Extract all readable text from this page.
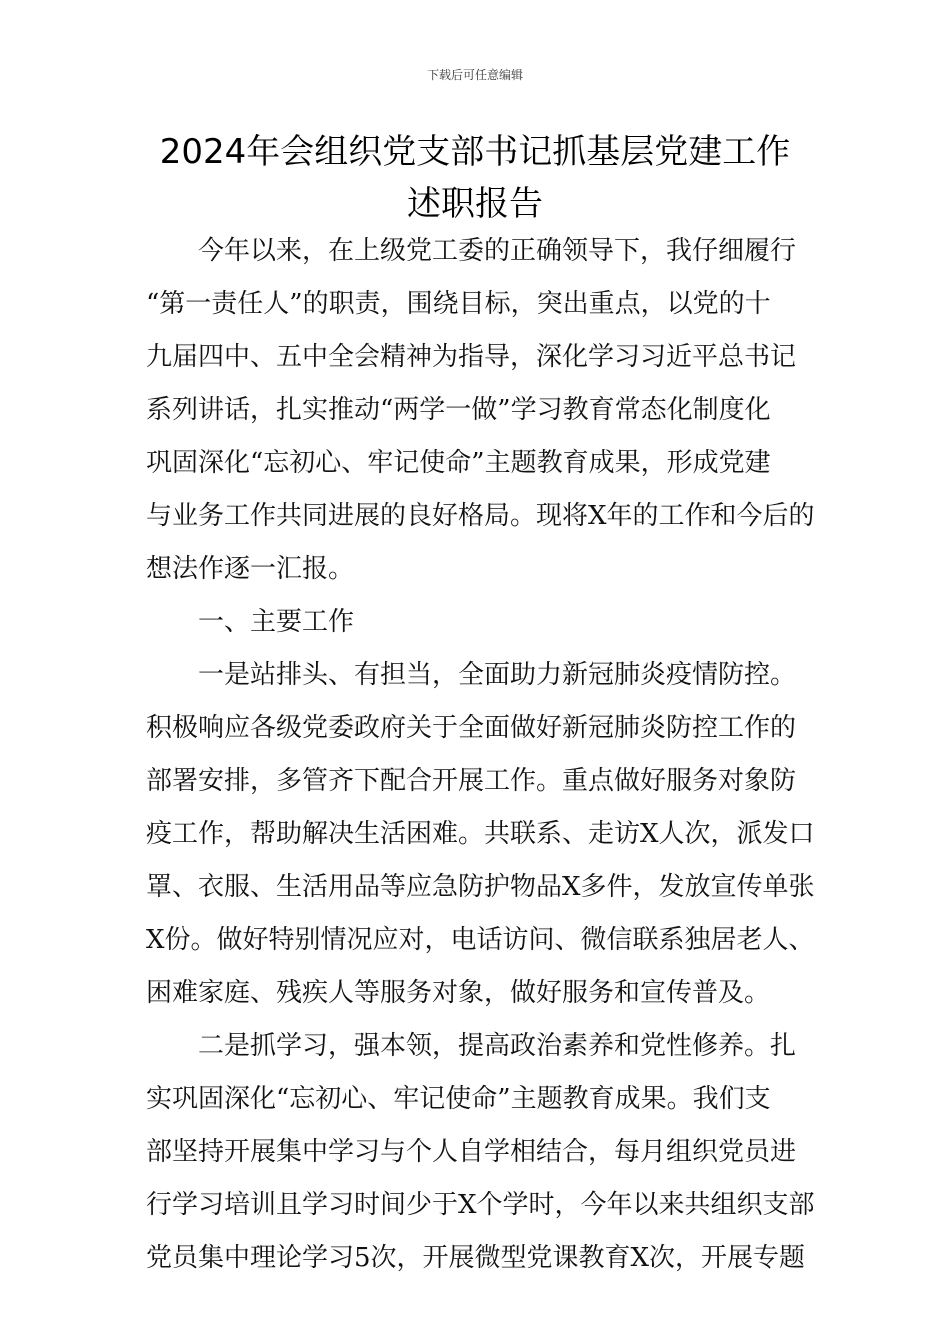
下载后可任意编辑
2024年会组织党支部书记抓基层党建工作
述职报告
　　今年以来，在上级党工委的正确领导下，我仔细履行
“第一责任人”的职责，围绕目标，突出重点，以党的十
九届四中、五中全会精神为指导，深化学习习近平总书记
系列讲话，扎实推动“两学一做”学习教育常态化制度化
巩固深化“忘初心、牢记使命”主题教育成果，形成党建
与业务工作共同进展的良好格局。现将X年的工作和今后的
想法作逐一汇报。
　　一、主要工作
　　一是站排头、有担当，全面助力新冠肺炎疫情防控。
积极响应各级党委政府关于全面做好新冠肺炎防控工作的
部署安排，多管齐下配合开展工作。重点做好服务对象防
疫工作，帮助解决生活困难。共联系、走访X人次，派发口
罩、衣服、生活用品等应急防护物品X多件，发放宣传单张
X份。做好特别情况应对，电话访问、微信联系独居老人、
困难家庭、残疾人等服务对象，做好服务和宣传普及。
　　二是抓学习，强本领，提高政治素养和党性修养。扎
实巩固深化“忘初心、牢记使命”主题教育成果。我们支
部坚持开展集中学习与个人自学相结合，每月组织党员进
行学习培训且学习时间少于X个学时，今年以来共组织支部
党员集中理论学习5次，开展微型党课教育X次，开展专题
